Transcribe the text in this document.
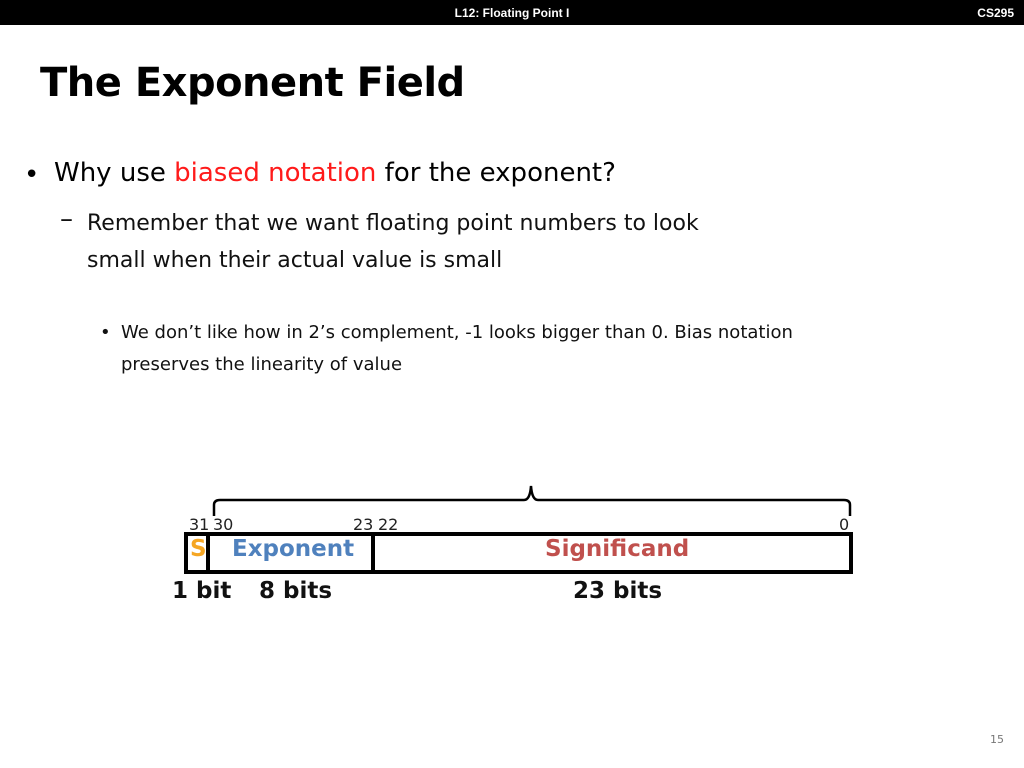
L12: Floating Point I	CS295
The Exponent Field
• Why use biased notation for the exponent?
– Remember that we want floating point numbers to look small when their actual value is small
• We don’t like how in 2’s complement, -1 looks bigger than 0. Bias notation preserves the linearity of value
31 30	23 22	0
S Exponent	Significand
1 bit 8 bits	23 bits
15
